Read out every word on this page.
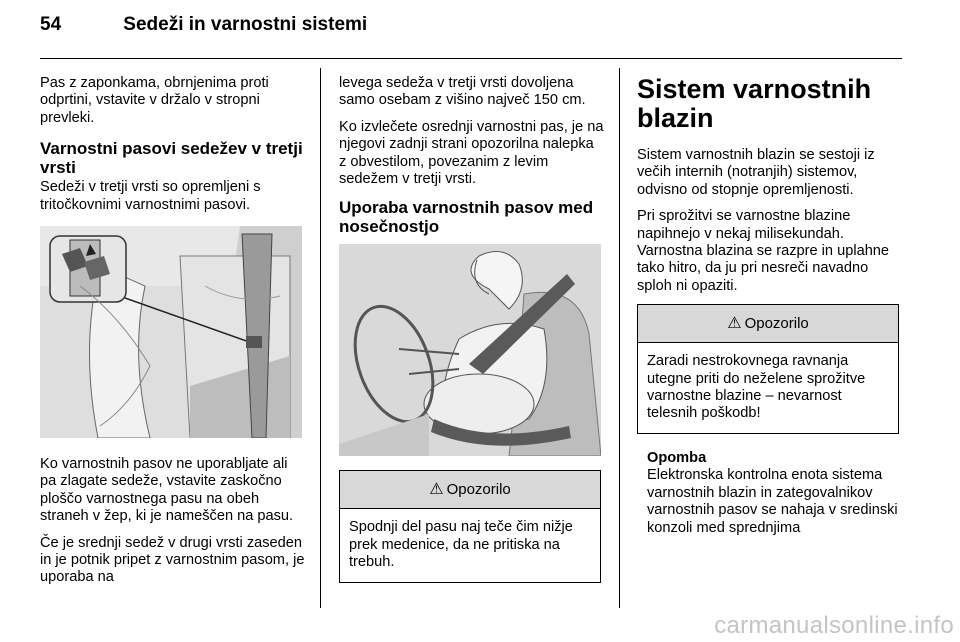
54	Sedeži in varnostni sistemi

Pas z zaponkama, obrnjenima proti odprtini, vstavite v držalo v stropni prevleki.

Varnostni pasovi sedežev v tretji vrsti

Sedeži v tretji vrsti so opremljeni s tritočkovnimi varnostnimi pasovi.

Ko varnostnih pasov ne uporabljate ali pa zlagate sedeže, vstavite zaskočno ploščo varnostnega pasu na obeh straneh v žep, ki je nameščen na pasu.

Če je srednji sedež v drugi vrsti zaseden in je potnik pripet z varnostnim pasom, je uporaba na

levega sedeža v tretji vrsti dovoljena samo osebam z višino največ 150 cm.

Ko izvlečete osrednji varnostni pas, je na njegovi zadnji strani opozorilna nalepka z obvestilom, povezanim z levim sedežem v tretji vrsti.

Uporaba varnostnih pasov med nosečnostjo
⚠ Opozorilo
Spodnji del pasu naj teče čim nižje prek medenice, da ne pritiska na trebuh.
Sistem varnostnih blazin

Sistem varnostnih blazin se sestoji iz večih internih (notranjih) sistemov, odvisno od stopnje opremljenosti.

Pri sprožitvi se varnostne blazine napihnejo v nekaj milisekundah. Varnostna blazina se razpre in uplahne tako hitro, da ju pri nesreči navadno sploh ni opaziti.

⚠ Opozorilo
Zaradi nestrokovnega ravnanja utegne priti do neželene sprožitve varnostne blazine – nevarnost telesnih poškodb!
Opomba
Elektronska kontrolna enota sistema varnostnih blazin in zategovalnikov varnostnih pasov se nahaja v sredinski konzoli med sprednjima
carmanualsonline.info
